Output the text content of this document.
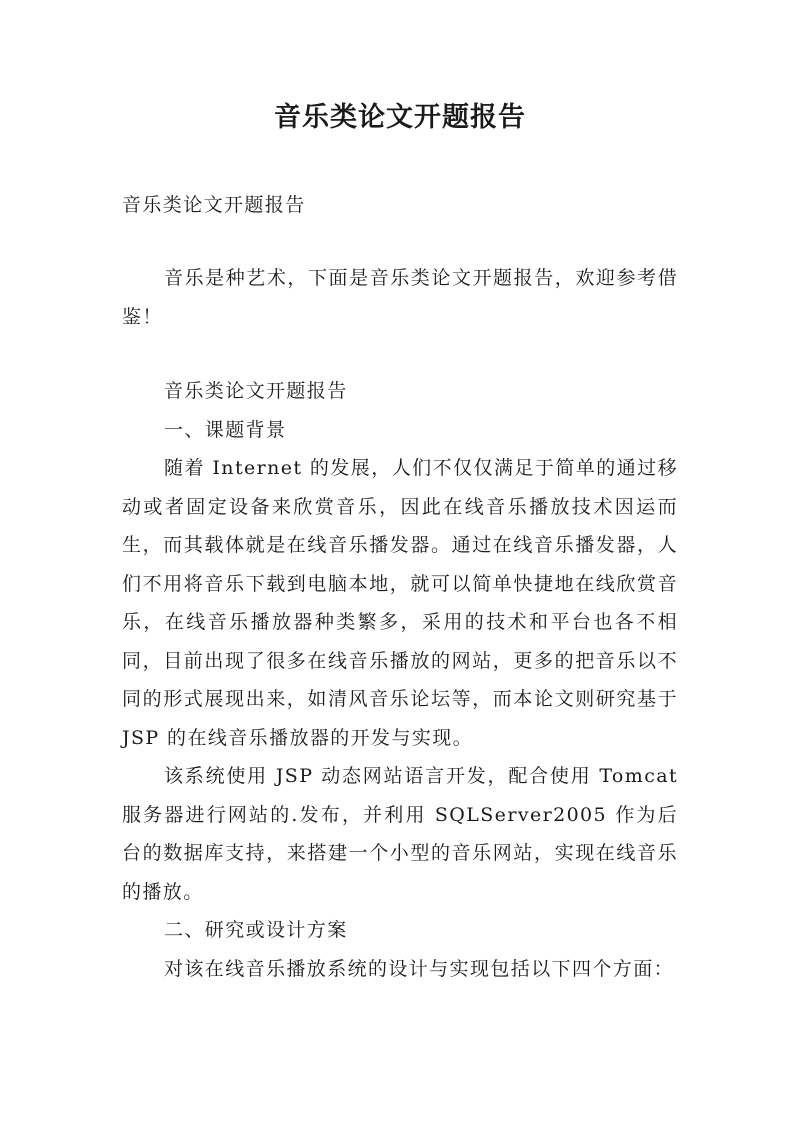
音乐类论文开题报告
音乐类论文开题报告
音乐是种艺术，下面是音乐类论文开题报告，欢迎参考借鉴！

音乐类论文开题报告

一、课题背景

随着 Internet 的发展，人们不仅仅满足于简单的通过移动或者固定设备来欣赏音乐，因此在线音乐播放技术因运而生，而其载体就是在线音乐播发器。通过在线音乐播发器，人们不用将音乐下载到电脑本地，就可以简单快捷地在线欣赏音乐，在线音乐播放器种类繁多，采用的技术和平台也各不相同，目前出现了很多在线音乐播放的网站，更多的把音乐以不同的形式展现出来，如清风音乐论坛等，而本论文则研究基于 JSP 的在线音乐播放器的开发与实现。

该系统使用 JSP 动态网站语言开发，配合使用 Tomcat 服务器进行网站的.发布，并利用 SQLServer2005 作为后台的数据库支持，来搭建一个小型的音乐网站，实现在线音乐的播放。

二、研究或设计方案

对该在线音乐播放系统的设计与实现包括以下四个方面：
